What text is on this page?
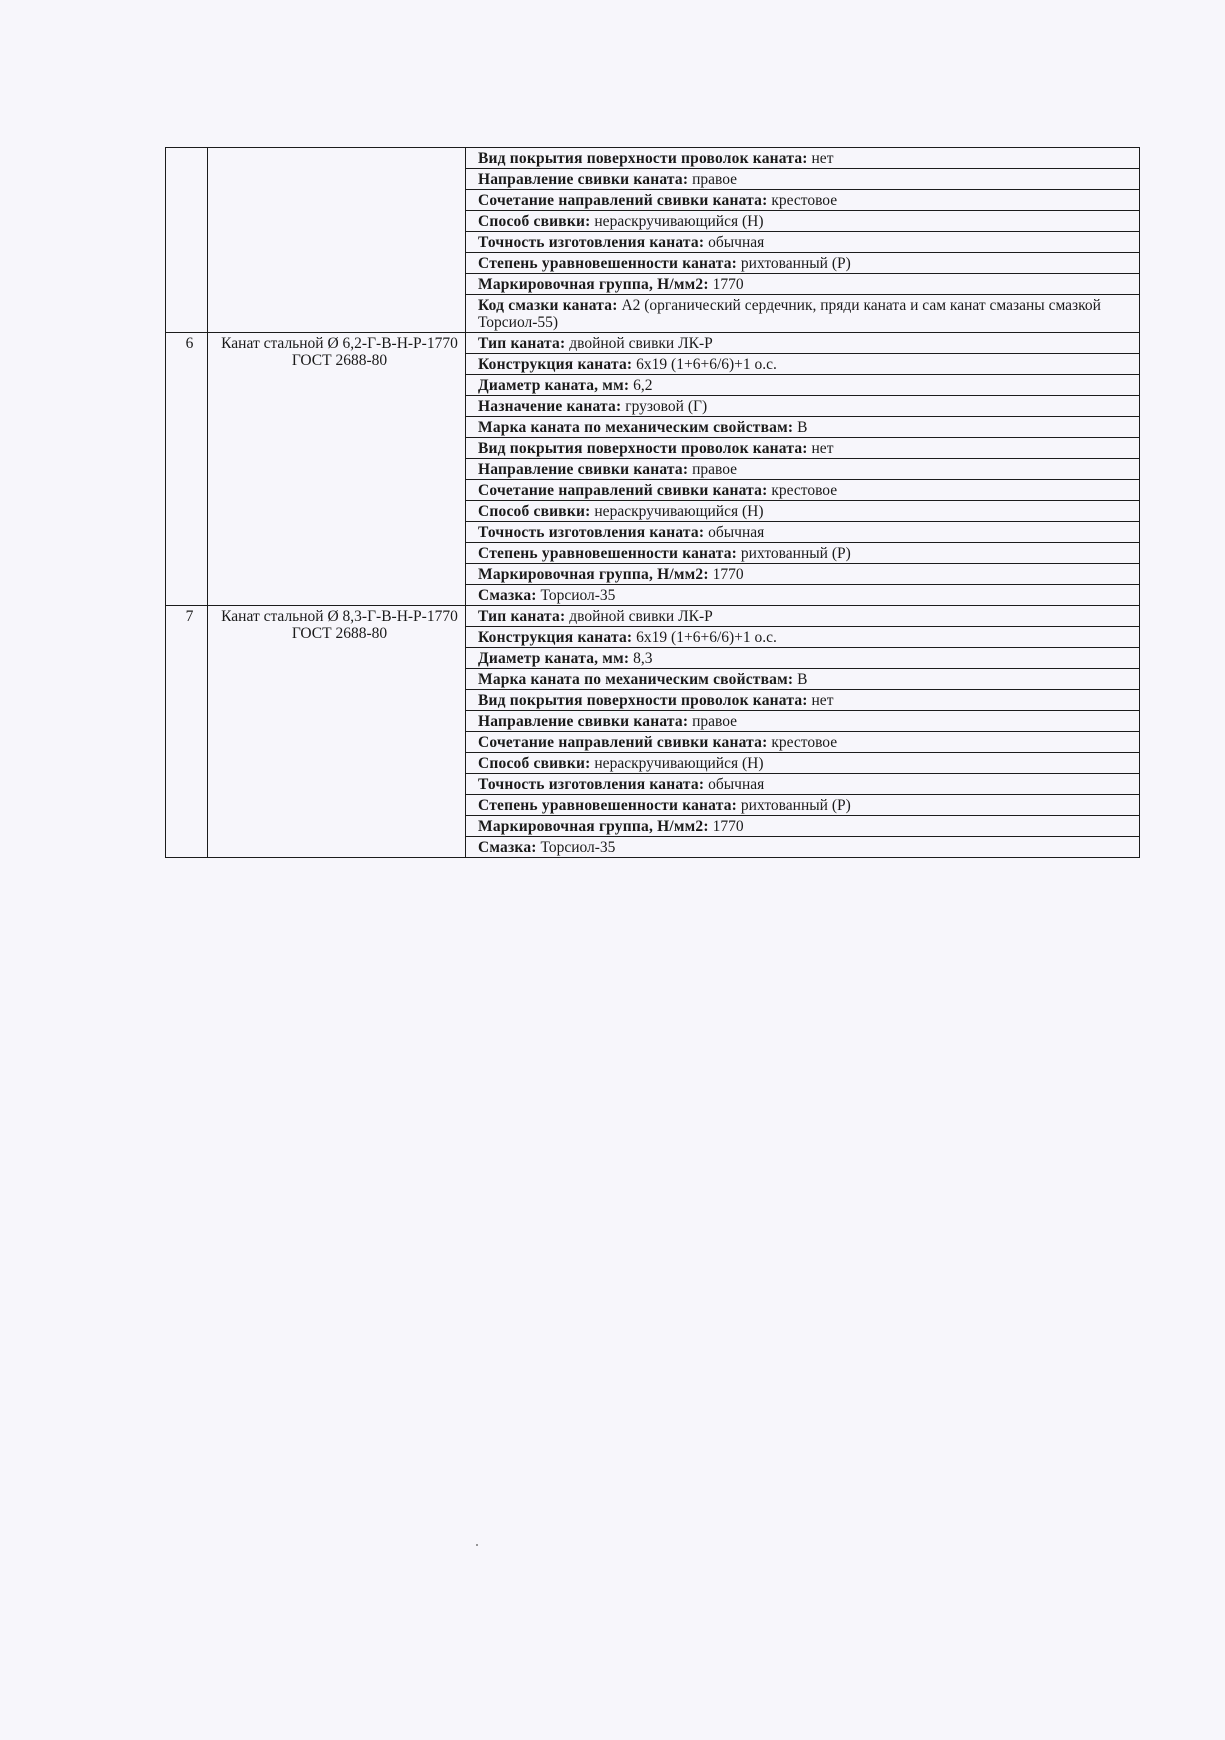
		Вид покрытия поверхности проволок каната: нет
		Направление свивки каната: правое
		Сочетание направлений свивки каната: крестовое
		Способ свивки: нераскручивающийся (Н)
		Точность изготовления каната: обычная
		Степень уравновешенности каната: рихтованный (Р)
		Маркировочная группа, Н/мм2: 1770
		Код смазки каната: А2 (органический сердечник, пряди каната и сам канат смазаны смазкой Торсиол-55)
6	Канат стальной Ø 6,2-Г-В-Н-Р-1770 ГОСТ 2688-80	Тип каната: двойной свивки ЛК-Р
		Конструкция каната: 6х19 (1+6+6/6)+1 о.с.
		Диаметр каната, мм: 6,2
		Назначение каната: грузовой (Г)
		Марка каната по механическим свойствам: В
		Вид покрытия поверхности проволок каната: нет
		Направление свивки каната: правое
		Сочетание направлений свивки каната: крестовое
		Способ свивки: нераскручивающийся (Н)
		Точность изготовления каната: обычная
		Степень уравновешенности каната: рихтованный (Р)
		Маркировочная группа, Н/мм2: 1770
		Смазка: Торсиол-35
7	Канат стальной Ø 8,3-Г-В-Н-Р-1770 ГОСТ 2688-80	Тип каната: двойной свивки ЛК-Р
		Конструкция каната: 6х19 (1+6+6/6)+1 о.с.
		Диаметр каната, мм: 8,3
		Марка каната по механическим свойствам: В
		Вид покрытия поверхности проволок каната: нет
		Направление свивки каната: правое
		Сочетание направлений свивки каната: крестовое
		Способ свивки: нераскручивающийся (Н)
		Точность изготовления каната: обычная
		Степень уравновешенности каната: рихтованный (Р)
		Маркировочная группа, Н/мм2: 1770
		Смазка: Торсиол-35
